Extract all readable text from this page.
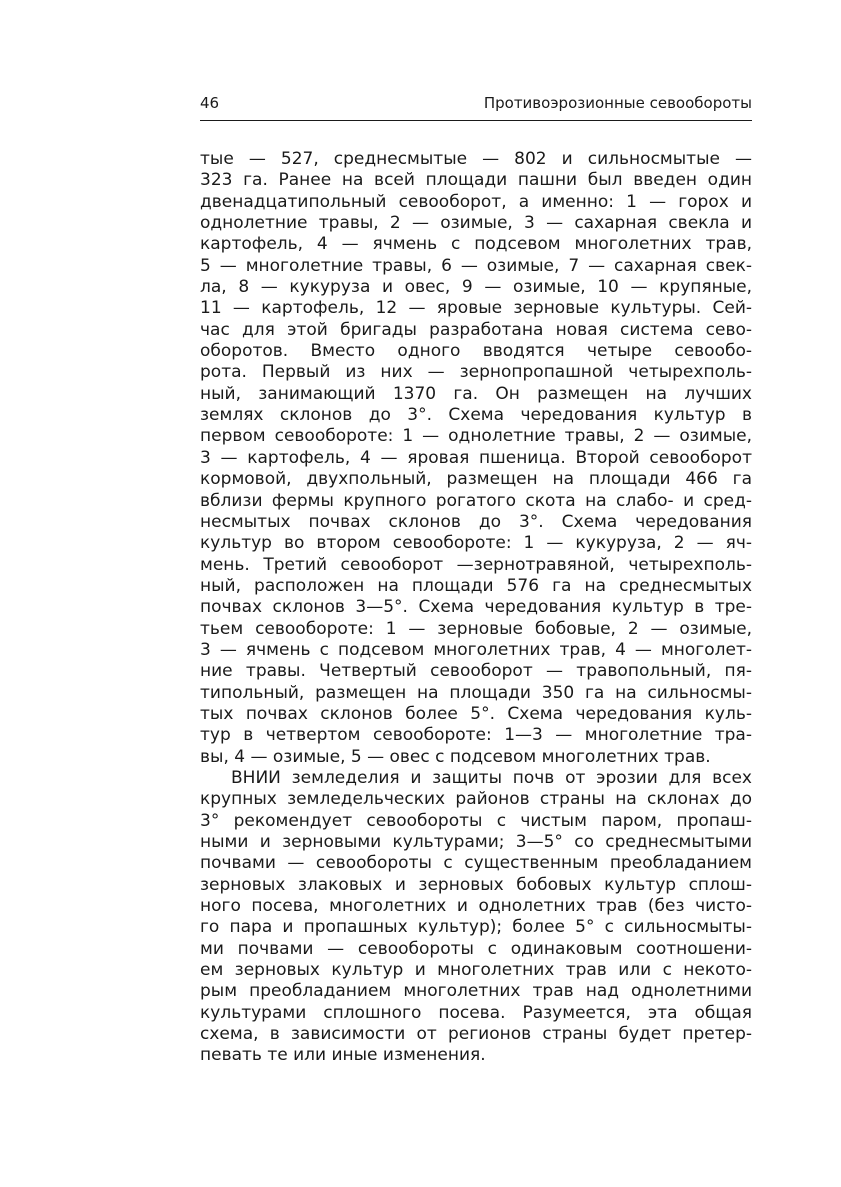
46	Противоэрозионные севообороты
тые — 527, среднесмытые — 802 и сильносмытые —
323 га. Ранее на всей площади пашни был введен один
двенадцатипольный севооборот, а именно: 1 — горох и
однолетние травы, 2 — озимые, 3 — сахарная свекла и
картофель, 4 — ячмень с подсевом многолетних трав,
5 — многолетние травы, 6 — озимые, 7 — сахарная свек-
ла, 8 — кукуруза и овес, 9 — озимые, 10 — крупяные,
11 — картофель, 12 — яровые зерновые культуры. Сей-
час для этой бригады разработана новая система сево-
оборотов. Вместо одного вводятся четыре севообо-
рота. Первый из них — зернопропашной четырехполь-
ный, занимающий 1370 га. Он размещен на лучших
землях склонов до 3°. Схема чередования культур в
первом севообороте: 1 — однолетние травы, 2 — озимые,
3 — картофель, 4 — яровая пшеница. Второй севооборот
кормовой, двухпольный, размещен на площади 466 га
вблизи фермы крупного рогатого скота на слабо- и сред-
несмытых почвах склонов до 3°. Схема чередования
культур во втором севообороте: 1 — кукуруза, 2 — яч-
мень. Третий севооборот —зернотравяной, четырехполь-
ный, расположен на площади 576 га на среднесмытых
почвах склонов 3—5°. Схема чередования культур в тре-
тьем севообороте: 1 — зерновые бобовые, 2 — озимые,
3 — ячмень с подсевом многолетних трав, 4 — многолет-
ние травы. Четвертый севооборот — травопольный, пя-
типольный, размещен на площади 350 га на сильносмы-
тых почвах склонов более 5°. Схема чередования куль-
тур в четвертом севообороте: 1—3 — многолетние тра-
вы, 4 — озимые, 5 — овес с подсевом многолетних трав.
ВНИИ земледелия и защиты почв от эрозии для всех
крупных земледельческих районов страны на склонах до
3° рекомендует севообороты с чистым паром, пропаш-
ными и зерновыми культурами; 3—5° со среднесмытыми
почвами — севообороты с существенным преобладанием
зерновых злаковых и зерновых бобовых культур сплош-
ного посева, многолетних и однолетних трав (без чисто-
го пара и пропашных культур); более 5° с сильносмыты-
ми почвами — севообороты с одинаковым соотношени-
ем зерновых культур и многолетних трав или с некото-
рым преобладанием многолетних трав над однолетними
культурами сплошного посева. Разумеется, эта общая
схема, в зависимости от регионов страны будет претер-
певать те или иные изменения.
